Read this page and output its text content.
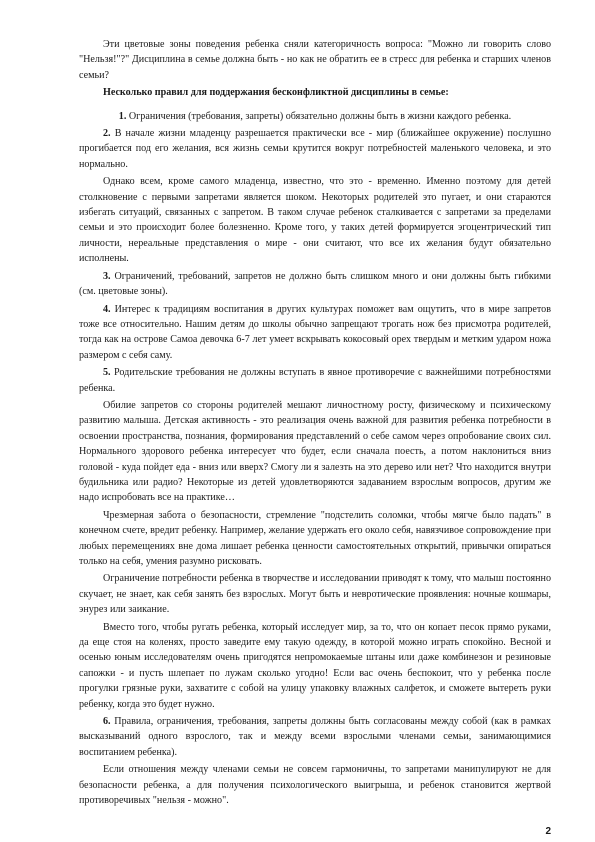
Эти цветовые зоны поведения ребенка сняли категоричность вопроса: "Можно ли говорить слово "Нельзя!"?" Дисциплина в семье должна быть - но как не обратить ее в стресс для ребенка и старших членов семьи?

Несколько правил для поддержания бесконфликтной дисциплины в семье:

1. Ограничения (требования, запреты) обязательно должны быть в жизни каждого ребенка.

2. В начале жизни младенцу разрешается практически все - мир (ближайшее окружение) послушно прогибается под его желания, вся жизнь семьи крутится вокруг потребностей маленького человека, и это нормально.

Однако всем, кроме самого младенца, известно, что это - временно. Именно поэтому для детей столкновение с первыми запретами является шоком. Некоторых родителей это пугает, и они стараются избегать ситуаций, связанных с запретом. В таком случае ребенок сталкивается с запретами за пределами семьи и это происходит более болезненно. Кроме того, у таких детей формируется эгоцентрический тип личности, нереальные представления о мире - они считают, что все их желания будут обязательно исполнены.

3. Ограничений, требований, запретов не должно быть слишком много и они должны быть гибкими (см. цветовые зоны).

4. Интерес к традициям воспитания в других культурах поможет вам ощутить, что в мире запретов тоже все относительно. Нашим детям до школы обычно запрещают трогать нож без присмотра родителей, тогда как на острове Самоа девочка 6-7 лет умеет вскрывать кокосовый орех твердым и метким ударом ножа размером с себя саму.

5. Родительские требования не должны вступать в явное противоречие с важнейшими потребностями ребенка.

Обилие запретов со стороны родителей мешают личностному росту, физическому и психическому развитию малыша. Детская активность - это реализация очень важной для развития ребенка потребности в освоении пространства, познания, формирования представлений о себе самом через опробование своих сил. Нормального здорового ребенка интересует что будет, если сначала поесть, а потом наклониться вниз головой - куда пойдет еда - вниз или вверх? Смогу ли я залезть на это дерево или нет? Что находится внутри будильника или радио? Некоторые из детей удовлетворяются задаванием взрослым вопросов, другим же надо испробовать все на практике…

Чрезмерная забота о безопасности, стремление "подстелить соломки, чтобы мягче было падать" в конечном счете, вредит ребенку. Например, желание удержать его около себя, навязчивое сопровождение при любых перемещениях вне дома лишает ребенка ценности самостоятельных открытий, привычки опираться только на себя, умения разумно рисковать.

Ограничение потребности ребенка в творчестве и исследовании приводят к тому, что малыш постоянно скучает, не знает, как себя занять без взрослых. Могут быть и невротические проявления: ночные кошмары, энурез или заикание.

Вместо того, чтобы ругать ребенка, который исследует мир, за то, что он копает песок прямо руками, да еще стоя на коленях, просто заведите ему такую одежду, в которой можно играть спокойно. Весной и осенью юным исследователям очень пригодятся непромокаемые штаны или даже комбинезон и резиновые сапожки - и пусть шлепает по лужам сколько угодно! Если вас очень беспокоит, что у ребенка после прогулки грязные руки, захватите с собой на улицу упаковку влажных салфеток, и сможете вытереть руки ребенку, когда это будет нужно.

6. Правила, ограничения, требования, запреты должны быть согласованы между собой (как в рамках высказываний одного взрослого, так и между всеми взрослыми членами семьи, занимающимися воспитанием ребенка).

Если отношения между членами семьи не совсем гармоничны, то запретами манипулируют не для безопасности ребенка, а для получения психологического выигрыша, и ребенок становится жертвой противоречивых "нельзя - можно".

2
